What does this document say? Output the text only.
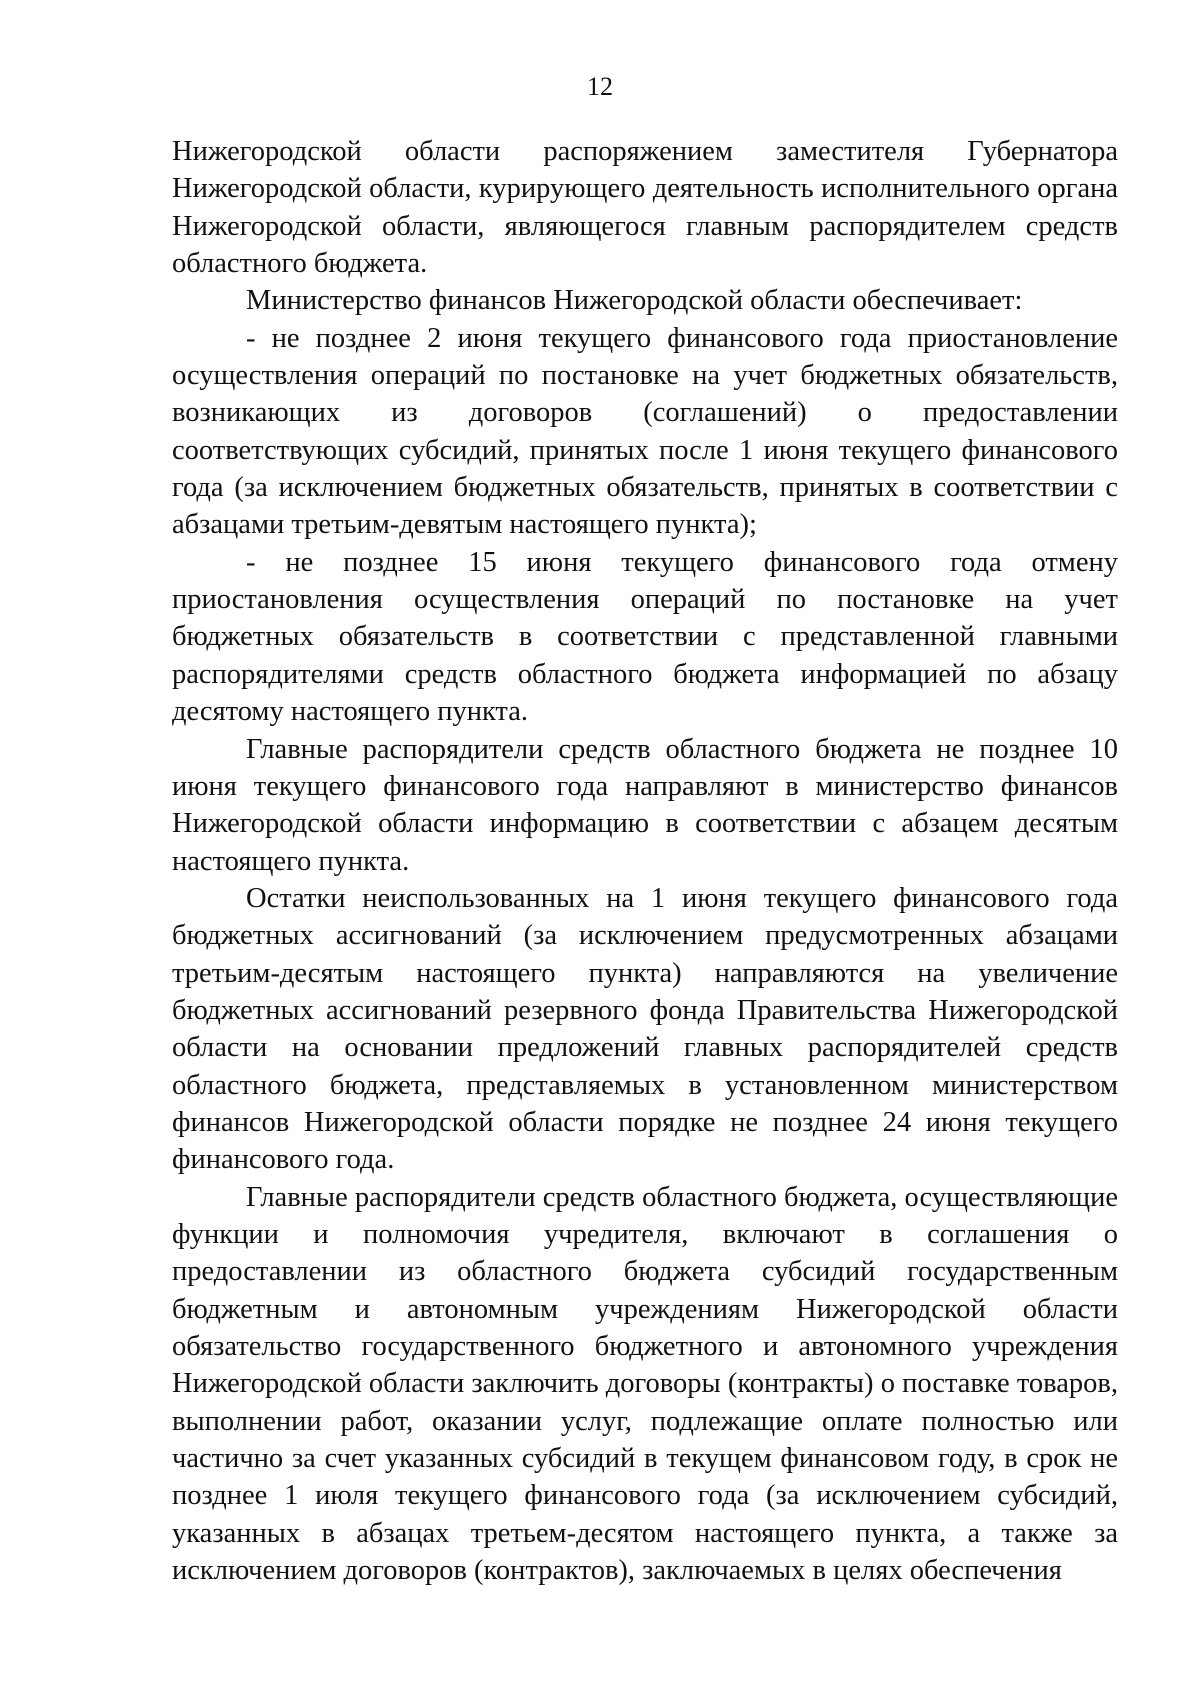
12

Нижегородской области распоряжением заместителя Губернатора Нижегородской области, курирующего деятельность исполнительного органа Нижегородской области, являющегося главным распорядителем средств областного бюджета.

Министерство финансов Нижегородской области обеспечивает:

- не позднее 2 июня текущего финансового года приостановление осуществления операций по постановке на учет бюджетных обязательств, возникающих из договоров (соглашений) о предоставлении соответствующих субсидий, принятых после 1 июня текущего финансового года (за исключением бюджетных обязательств, принятых в соответствии с абзацами третьим-девятым настоящего пункта);

- не позднее 15 июня текущего финансового года отмену приостановления осуществления операций по постановке на учет бюджетных обязательств в соответствии с представленной главными распорядителями средств областного бюджета информацией по абзацу десятому настоящего пункта.

Главные распорядители средств областного бюджета не позднее 10 июня текущего финансового года направляют в министерство финансов Нижегородской области информацию в соответствии с абзацем десятым настоящего пункта.

Остатки неиспользованных на 1 июня текущего финансового года бюджетных ассигнований (за исключением предусмотренных абзацами третьим-десятым настоящего пункта) направляются на увеличение бюджетных ассигнований резервного фонда Правительства Нижегородской области на основании предложений главных распорядителей средств областного бюджета, представляемых в установленном министерством финансов Нижегородской области порядке не позднее 24 июня текущего финансового года.

Главные распорядители средств областного бюджета, осуществляющие функции и полномочия учредителя, включают в соглашения о предоставлении из областного бюджета субсидий государственным бюджетным и автономным учреждениям Нижегородской области обязательство государственного бюджетного и автономного учреждения Нижегородской области заключить договоры (контракты) о поставке товаров, выполнении работ, оказании услуг, подлежащие оплате полностью или частично за счет указанных субсидий в текущем финансовом году, в срок не позднее 1 июля текущего финансового года (за исключением субсидий, указанных в абзацах третьем-десятом настоящего пункта, а также за исключением договоров (контрактов), заключаемых в целях обеспечения
